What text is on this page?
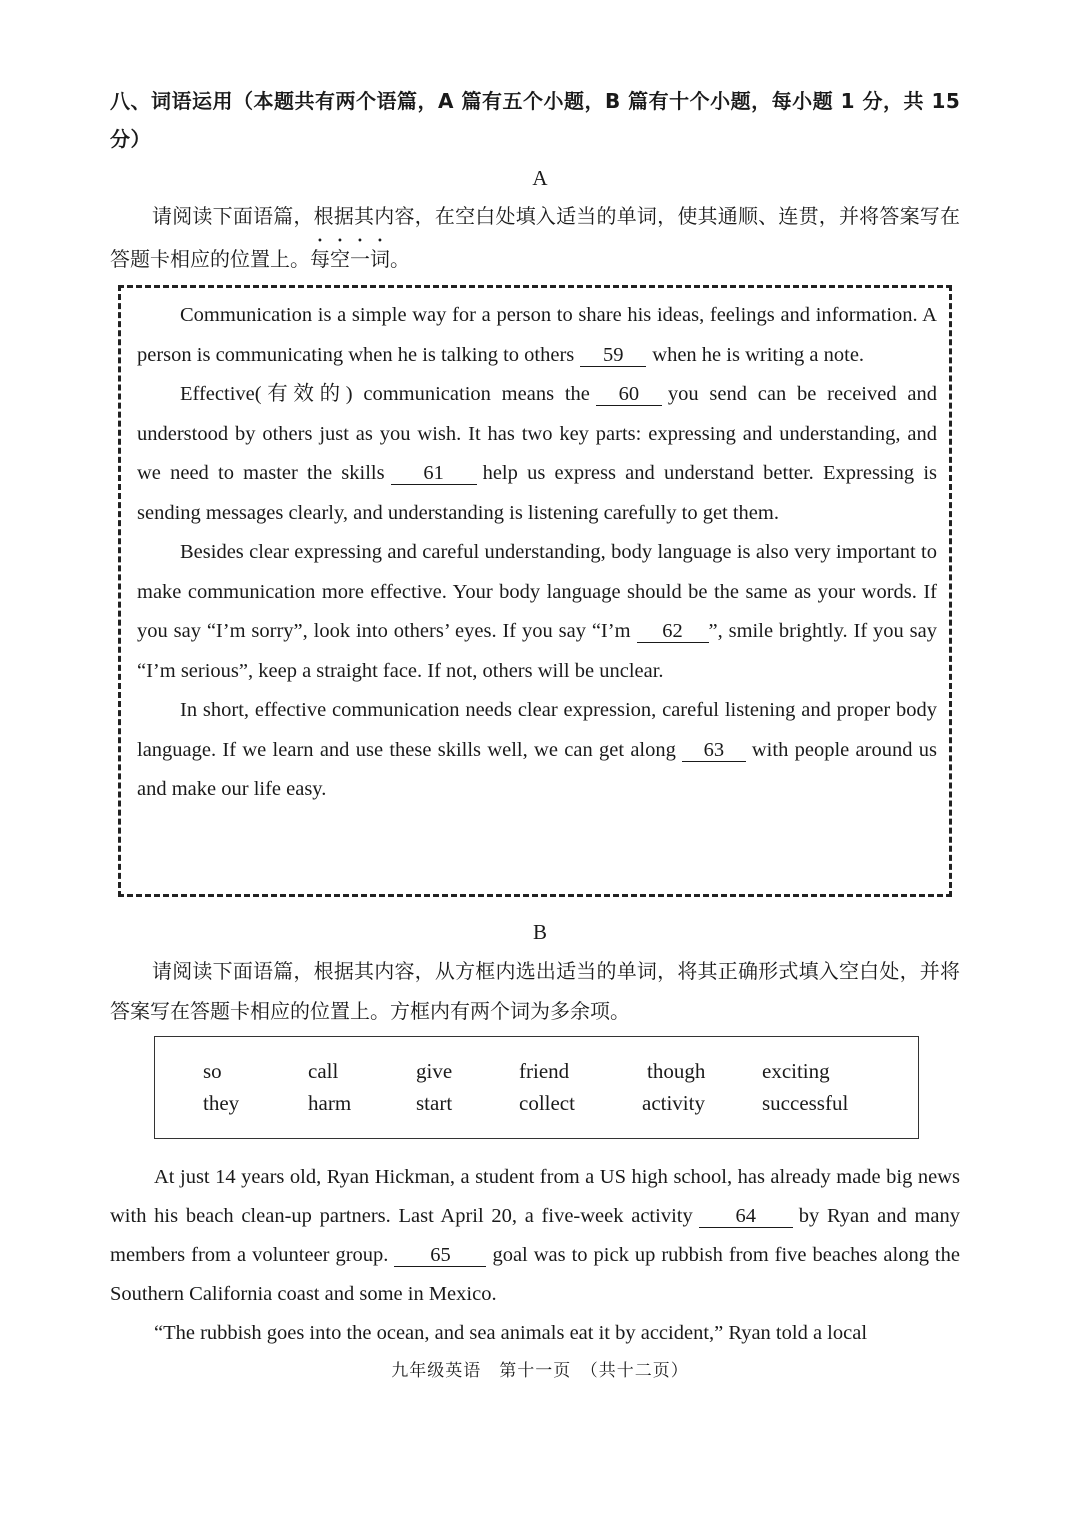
八、词语运用（本题共有两个语篇，A 篇有五个小题，B 篇有十个小题，每小题 1 分，共 15 分）
A
请阅读下面语篇，根据其内容，在空白处填入适当的单词，使其通顺、连贯，并将答案写在答题卡相应的位置上。每空一词。

Communication is a simple way for a person to share his ideas, feelings and information. A person is communicating when he is talking to others 59 when he is writing a note.

Effective(有效的) communication means the 60 you send can be received and understood by others just as you wish. It has two key parts: expressing and understanding, and we need to master the skills 61 help us express and understand better. Expressing is sending messages clearly, and understanding is listening carefully to get them.

Besides clear expressing and careful understanding, body language is also very important to make communication more effective. Your body language should be the same as your words. If you say “I’m sorry”, look into others’ eyes. If you say “I’m 62 ”, smile brightly. If you say “I’m serious”, keep a straight face. If not, others will be unclear.

In short, effective communication needs clear expression, careful listening and proper body language. If we learn and use these skills well, we can get along 63 with people around us and make our life easy.

B
请阅读下面语篇，根据其内容，从方框内选出适当的单词，将其正确形式填入空白处，并将答案写在答题卡相应的位置上。方框内有两个词为多余项。
so	call	give	friend	though	exciting
they	harm	start	collect	activity	successful

At just 14 years old, Ryan Hickman, a student from a US high school, has already made big news with his beach clean-up partners. Last April 20, a five-week activity 64 by Ryan and many members from a volunteer group. 65 goal was to pick up rubbish from five beaches along the Southern California coast and some in Mexico.

“The rubbish goes into the ocean, and sea animals eat it by accident,” Ryan told a local

九年级英语　第十一页　（共十二页）
